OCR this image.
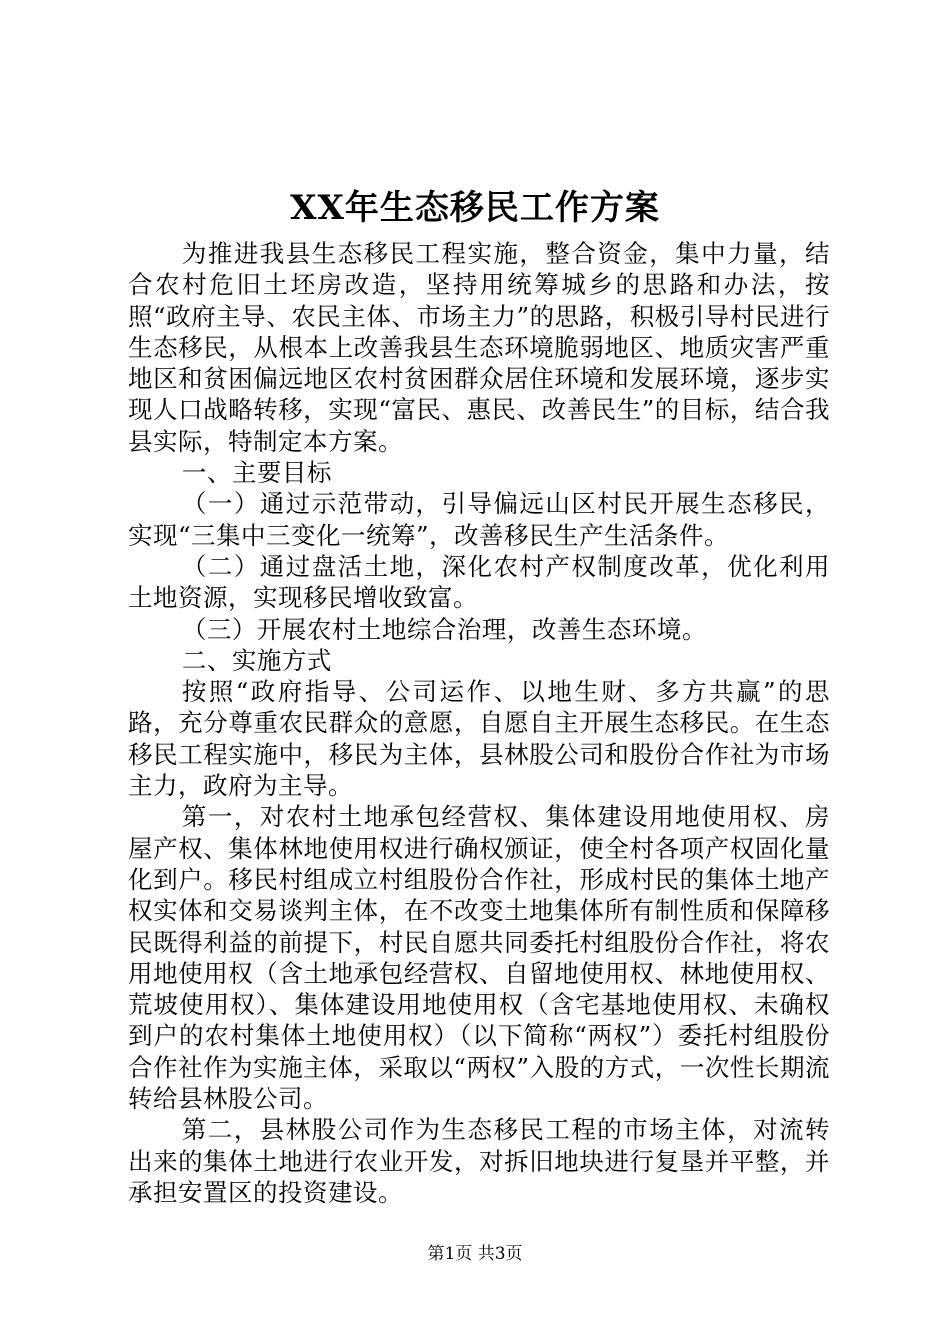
XX年生态移民工作方案

为推进我县生态移民工程实施，整合资金，集中力量，结合农村危旧土坯房改造，坚持用统筹城乡的思路和办法，按照“政府主导、农民主体、市场主力”的思路，积极引导村民进行生态移民，从根本上改善我县生态环境脆弱地区、地质灾害严重地区和贫困偏远地区农村贫困群众居住环境和发展环境，逐步实现人口战略转移，实现“富民、惠民、改善民生”的目标，结合我县实际，特制定本方案。

一、主要目标

（一）通过示范带动，引导偏远山区村民开展生态移民，实现“三集中三变化一统筹”，改善移民生产生活条件。

（二）通过盘活土地，深化农村产权制度改革，优化利用土地资源，实现移民增收致富。

（三）开展农村土地综合治理，改善生态环境。

二、实施方式

按照“政府指导、公司运作、以地生财、多方共赢”的思路，充分尊重农民群众的意愿，自愿自主开展生态移民。在生态移民工程实施中，移民为主体，县林股公司和股份合作社为市场主力，政府为主导。

第一，对农村土地承包经营权、集体建设用地使用权、房屋产权、集体林地使用权进行确权颁证，使全村各项产权固化量化到户。移民村组成立村组股份合作社，形成村民的集体土地产权实体和交易谈判主体，在不改变土地集体所有制性质和保障移民既得利益的前提下，村民自愿共同委托村组股份合作社，将农用地使用权（含土地承包经营权、自留地使用权、林地使用权、荒坡使用权）、集体建设用地使用权（含宅基地使用权、未确权到户的农村集体土地使用权）（以下简称“两权”）委托村组股份合作社作为实施主体，采取以“两权”入股的方式，一次性长期流转给县林股公司。

第二，县林股公司作为生态移民工程的市场主体，对流转出来的集体土地进行农业开发，对拆旧地块进行复垦并平整，并承担安置区的投资建设。

第1页 共3页
